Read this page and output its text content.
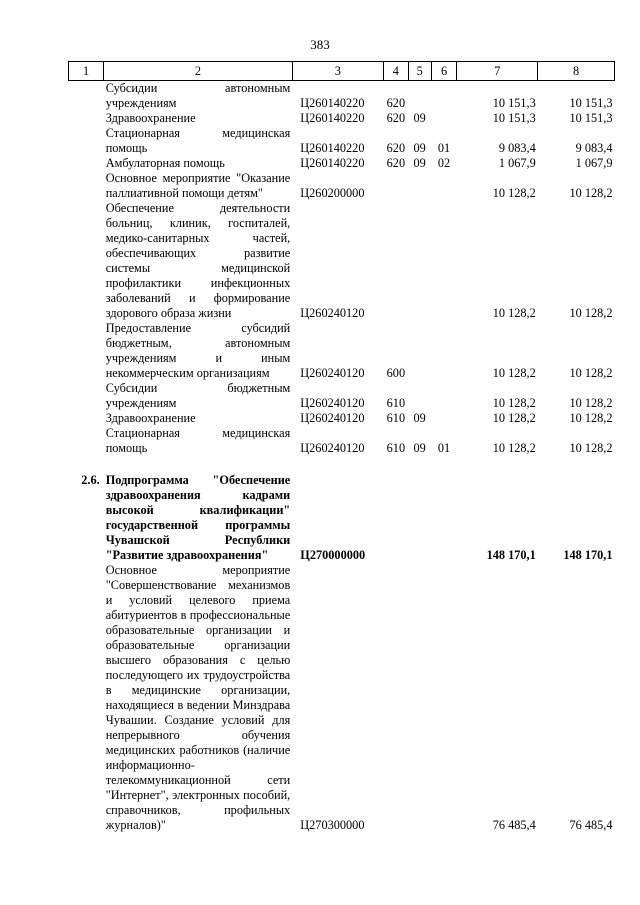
383
1	2	3	4	5	6	7	8
	Субсидии автономным учреждениям	Ц260140220	620			10 151,3	10 151,3
	Здравоохранение	Ц260140220	620	09		10 151,3	10 151,3
	Стационарная медицинская помощь	Ц260140220	620	09	01	9 083,4	9 083,4
	Амбулаторная помощь	Ц260140220	620	09	02	1 067,9	1 067,9
	Основное мероприятие "Оказание паллиативной помощи детям"	Ц260200000				10 128,2	10 128,2
	Обеспечение деятельности больниц, клиник, госпиталей, медико-санитарных частей, обеспечивающих развитие системы медицинской профилактики инфекционных заболеваний и формирование здорового образа жизни	Ц260240120				10 128,2	10 128,2
	Предоставление субсидий бюджетным, автономным учреждениям и иным некоммерческим организациям	Ц260240120	600			10 128,2	10 128,2
	Субсидии бюджетным учреждениям	Ц260240120	610			10 128,2	10 128,2
	Здравоохранение	Ц260240120	610	09		10 128,2	10 128,2
	Стационарная медицинская помощь	Ц260240120	610	09	01	10 128,2	10 128,2

2.6.	Подпрограмма "Обеспечение здравоохранения кадрами высокой квалификации" государственной программы Чувашской Республики "Развитие здравоохранения"	Ц270000000				148 170,1	148 170,1
	Основное мероприятие "Совершенствование механизмов и условий целевого приема абитуриентов в профессиональные образовательные организации и образовательные организации высшего образования с целью последующего их трудоустройства в медицинские организации, находящиеся в ведении Минздрава Чувашии. Создание условий для непрерывного обучения медицинских работников (наличие информационно-телекоммуникационной сети "Интернет", электронных пособий, справочников, профильных журналов)"	Ц270300000				76 485,4	76 485,4
